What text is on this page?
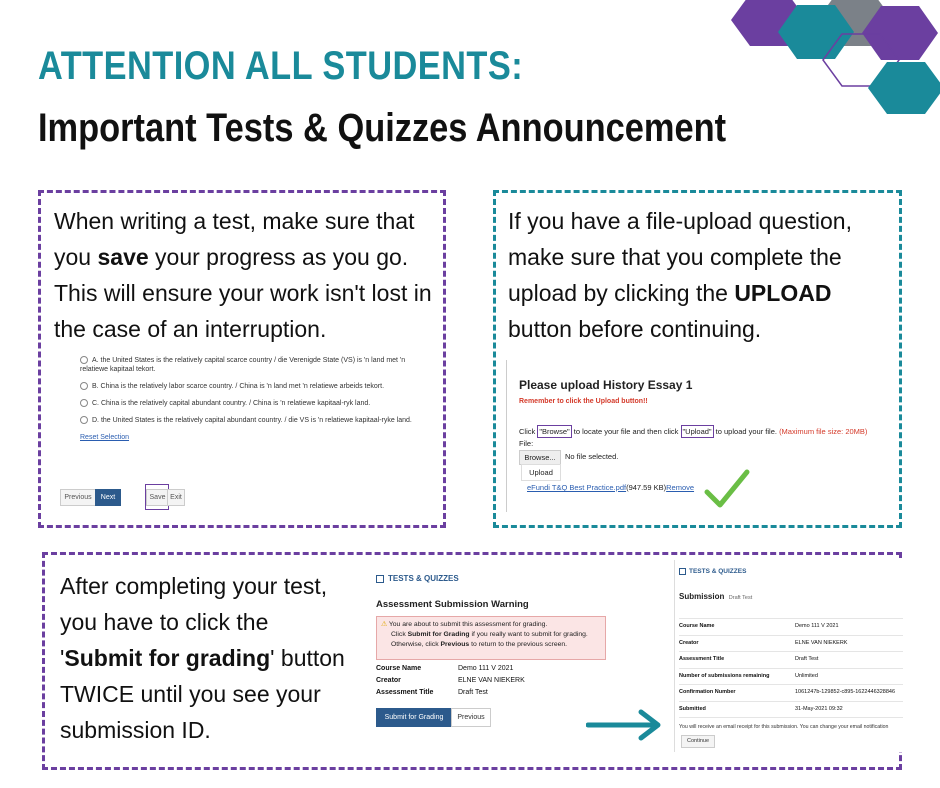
ATTENTION ALL STUDENTS:
Important Tests & Quizzes Announcement
When writing a test, make sure that you save your progress as you go. This will ensure your work isn't lost in the case of an interruption.
A. the United States is the relatively capital scarce country / die Verenigde State (VS) is 'n land met 'n relatiewe kapitaal tekort.
B. China is the relatively labor scarce country. / China is 'n land met 'n relatiewe arbeids tekort.
C. China is the relatively capital abundant country. / China is 'n relatiewe kapitaal-ryk land.
D. the United States is the relatively capital abundant country. / die VS is 'n relatiewe kapitaal-ryke land.
Reset Selection
Previous	Next	Save Exit
If you have a file-upload question, make sure that you complete the upload by clicking the UPLOAD button before continuing.
Please upload History Essay 1
Remember to click the Upload button!!
Click "Browse" to locate your file and then click "Upload" to upload your file. (Maximum file size: 20MB)
File:
Browse...	No file selected.
Upload
eFundi T&Q Best Practice.pdf(947.59 KB)Remove
After completing your test, you have to click the 'Submit for grading' button TWICE until you see your submission ID.
TESTS & QUIZZES
Assessment Submission Warning
⚠ You are about to submit this assessment for grading.
Click Submit for Grading if you really want to submit for grading.
Otherwise, click Previous to return to the previous screen.
Course Name	Demo 111 V 2021
Creator	ELNE VAN NIEKERK
Assessment Title	Draft Test
Submit for Grading	Previous
TESTS & QUIZZES
Submission Draft Test
Course Name	Demo 111 V 2021
Creator	ELNE VAN NIEKERK
Assessment Title	Draft Test
Number of submissions remaining	Unlimited
Confirmation Number	1061247b-129852-c895-1622446328846
Submitted	31-May-2021 09:32
You will receive an email receipt for this submission. You can change your email notification
Continue
